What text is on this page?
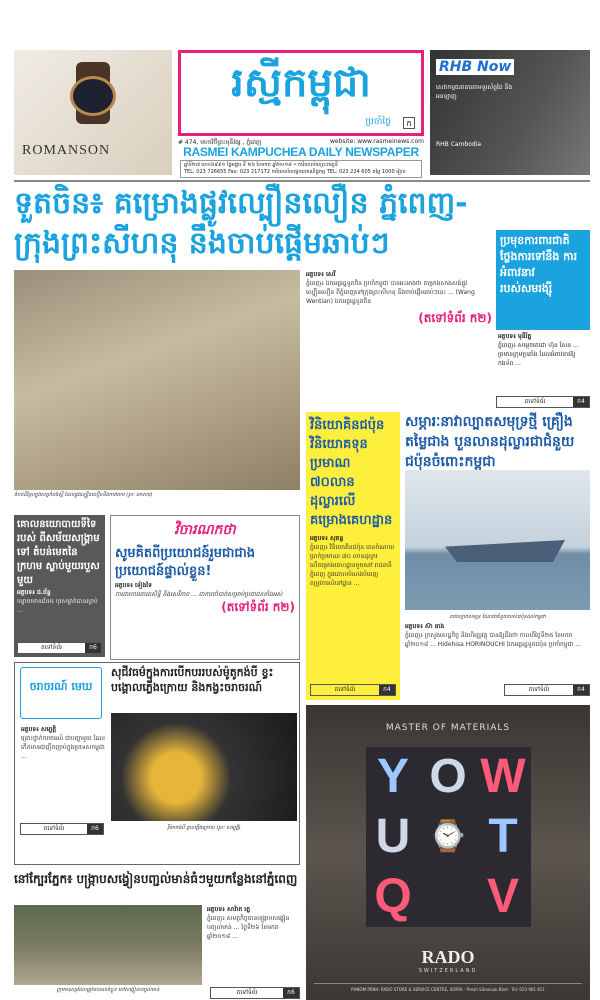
ROMANSON
រស្មីកម្ពុជា
ប្រចាំថ្ងៃ	ក
# 474, មហាវិថីព្រះមុនីវង្ស , ភ្នំពេញ	website: www.rasmeinews.com
RASMEI KAMPUCHEA DAILY NEWSPAPER
ឆ្នាំទី២៧ លេខ៦៩៩១ ថ្ងៃអង្គារ ទី ២៦ ខែមករា ឆ្នាំ២០១៨ • ការិយាល័យព្រះរាជ្យទី
TEL: 023 726655 Fax: 023 217172 ការិយាល័យផ្សាយពាណិជ្ជកម្ម TEL: 023 224 605 តម្លៃ 1000 រៀល
RHB Now
សេវាកម្មធនាគារតាមទូរស័ព្ទដៃ និង អនឡាញ
RHB Cambodia
ទួតចិន៖ គម្រោងផ្លូវល្បឿនលឿន ភ្នំពេញ-ក្រុងព្រះសីហនុ នឹងចាប់ផ្តើមឆាប់ៗ	ប្រមុខការពារជាតិ ថ្លែងការទៅនឹង ការអំពាវនាវ របស់សមរង្ស៊ី
អត្ថបទ៖ មុនីរ័ត្ន
ភ្នំពេញ៖ សម្ដេចតេជោ ហ៊ុន សែន ... ព្រមានក្រុមប្រឆាំង ដែលអំពាវនាវឱ្យកងទ័ព ...
តទៅទំព័រ	ក4
តំបន់ដីស្រែក្នុងខេត្តកំពង់ស្ពឺ ដែលផ្លូវល្បឿនលឿននឹងកាត់តាម (រូបៈ ឯកសារ)
អត្ថបទ៖ សេរី
ភ្នំពេញ៖ ឯកអគ្គរដ្ឋទូតចិន ប្រចាំកម្ពុជា បានអះអាងថា គម្រោងសាងសង់ផ្លូវល្បឿនលឿន ពីភ្នំពេញទៅក្រុងព្រះសីហនុ នឹងចាប់ផ្តើមឆាប់ៗនេះ ... (Wang Wentian) ឯកអគ្គរដ្ឋទូតចិន
(តទៅទំព័រ ក២)
វិនិយោគិនជប៉ុន វិនិយោគទុនប្រមាណ ៧០លានដុល្លារលើ គម្រោងគេហដ្ឋាន
អត្ថបទ៖ សុគន្ធ
ភ្នំពេញ៖ វិនិយោគិនជប៉ុន បានចំណាយប្រាក់ប្រមាណ ៧០ លានដុល្លារ លើគម្រោងគេហដ្ឋានមួយនៅ រាជធានីភ្នំពេញ ក្នុងគោលបំណងបំពេញតម្រូវការលំនៅដ្ឋាន ...
តទៅទំព័រ	ក4
សម្ភារៈនាវាល្បាតសមុទ្រថ្មី គ្រឿងតម្លៃជាង បួនលានដុល្លារជាជំនួយជប៉ុនចំពោះកម្ពុជា
នាវាល្បាតសមុទ្រ ដែលជាជំនួយរបស់ជប៉ុនដល់កម្ពុជា
អត្ថបទ៖ ស៊ា នាង
ភ្នំពេញ៖ ក្រសួងសេដ្ឋកិច្ច និងហិរញ្ញវត្ថុ បានឱ្យដឹងថា កាលពីថ្ងៃទី២៥ ខែមករា ឆ្នាំ២០១៨ ... Hidehisa HORINOUCHI ឯកអគ្គរដ្ឋទូតជប៉ុន ប្រចាំកម្ពុជា ...
តទៅទំព័រ	ក4
គោលនយោបាយទីទៃរបស់ ពីសម័យសង្គ្រាមទៅ តំបន់មេតនៃក្រហម ស្លាប់មួយរបួសមួយ
អត្ថបទ៖ ជ.ច័ន្ទ
បន្ទាយមានជ័យ៖ បុរសម្នាក់បានស្លាប់ ...
តទៅទំព័រ	ក6
វិចារណកថា
សូមគិតពីប្រយោជន៍រួមជាជាងប្រយោជន៍ផ្ទាល់ខ្លួន!
អត្ថបទ៖ ទៀងទៃ
ការពារការគោរពសិទ្ធិ និងសេរីភាព ... ជាការចាំបាច់សម្រាប់ប្រជាជនទាំងអស់
(តទៅទំព័រ ក២)
ចរាចរណ៍ មេឃ
សុជីវធម៌ក្នុងការបើកបររបស់ម៉ូតូកង់បី ខ្វះបង្គោលភ្លើងក្រោយ និងកង្វះចរាចរណ៍
រ៉ឺម៉កកង់បី គ្មានភ្លើងក្រោយ (រូបៈ សម្បត្តិ)
អត្ថបទ៖ សម្បត្តិ
គ្រោះថ្នាក់ចរាចរណ៍ ជាបញ្ហាមួយ ដែលកើតមានជាញឹកញាប់ក្នុងប្រទេសកម្ពុជា ...
តទៅទំព័រ	ក6
នៅក្បែរភ្នែក៖ បង្ក្រាបសង្វៀនបញ្ជល់មាន់ធំៗមួយកន្លែងនៅភ្នំពេញ
ក្រុមមនុស្សដែលត្រូវបានឃាត់ខ្លួន នៅសង្វៀនបញ្ជល់មាន់
អត្ថបទ៖ សាវ៉ាត រត្ន
ភ្នំពេញ៖ សមត្ថកិច្ចបានបង្ក្រាបសង្វៀនបញ្ជល់មាន់ ... ថ្ងៃទី២៦ ខែមករា ឆ្នាំ២០១៨ ...
តទៅទំព័រ	ក6
MASTER OF MATERIALS
Y O W
U ⌚ T
Q V
RADO
SWITZERLAND
PHNOM PENH: RADO STORE & SERVICE CENTRE, SORYA · Preah Sihanouk Blvd · Tel: 023 901 811
